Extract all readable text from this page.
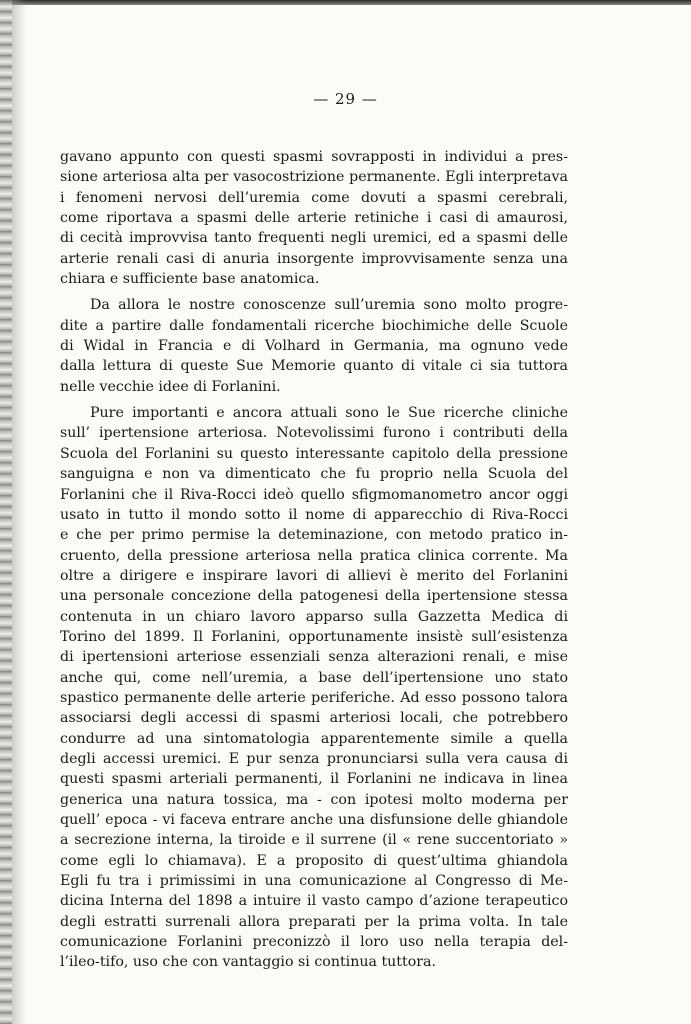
— 29 —
gavano appunto con questi spasmi sovrapposti in individui a pres-
sione arteriosa alta per vasocostrizione permanente. Egli interpretava
i fenomeni nervosi dell’uremia come dovuti a spasmi cerebrali,
come riportava a spasmi delle arterie retiniche i casi di amaurosi,
di cecità improvvisa tanto frequenti negli uremici, ed a spasmi delle
arterie renali casi di anuria insorgente improvvisamente senza una
chiara e sufficiente base anatomica.
Da allora le nostre conoscenze sull’uremia sono molto progre-
dite a partire dalle fondamentali ricerche biochimiche delle Scuole
di Widal in Francia e di Volhard in Germania, ma ognuno vede
dalla lettura di queste Sue Memorie quanto di vitale ci sia tuttora
nelle vecchie idee di Forlanini.
Pure importanti e ancora attuali sono le Sue ricerche cliniche
sull’ ipertensione arteriosa. Notevolissimi furono i contributi della
Scuola del Forlanini su questo interessante capitolo della pressione
sanguigna e non va dimenticato che fu proprio nella Scuola del
Forlanini che il Riva-Rocci ideò quello sfigmomanometro ancor oggi
usato in tutto il mondo sotto il nome di apparecchio di Riva-Rocci
e che per primo permise la deteminazione, con metodo pratico in-
cruento, della pressione arteriosa nella pratica clinica corrente. Ma
oltre a dirigere e inspirare lavori di allievi è merito del Forlanini
una personale concezione della patogenesi della ipertensione stessa
contenuta in un chiaro lavoro apparso sulla Gazzetta Medica di
Torino del 1899. Il Forlanini, opportunamente insistè sull’esistenza
di ipertensioni arteriose essenziali senza alterazioni renali, e mise
anche qui, come nell’uremia, a base dell’ipertensione uno stato
spastico permanente delle arterie periferiche. Ad esso possono talora
associarsi degli accessi di spasmi arteriosi locali, che potrebbero
condurre ad una sintomatologia apparentemente simile a quella
degli accessi uremici. E pur senza pronunciarsi sulla vera causa di
questi spasmi arteriali permanenti, il Forlanini ne indicava in linea
generica una natura tossica, ma - con ipotesi molto moderna per
quell’ epoca - vi faceva entrare anche una disfunsione delle ghiandole
a secrezione interna, la tiroide e il surrene (il « rene succentoriato »
come egli lo chiamava). E a proposito di quest’ultima ghiandola
Egli fu tra i primissimi in una comunicazione al Congresso di Me-
dicina Interna del 1898 a intuire il vasto campo d’azione terapeutico
degli estratti surrenali allora preparati per la prima volta. In tale
comunicazione Forlanini preconizzò il loro uso nella terapia del-
l’ileo-tifo, uso che con vantaggio si continua tuttora.
